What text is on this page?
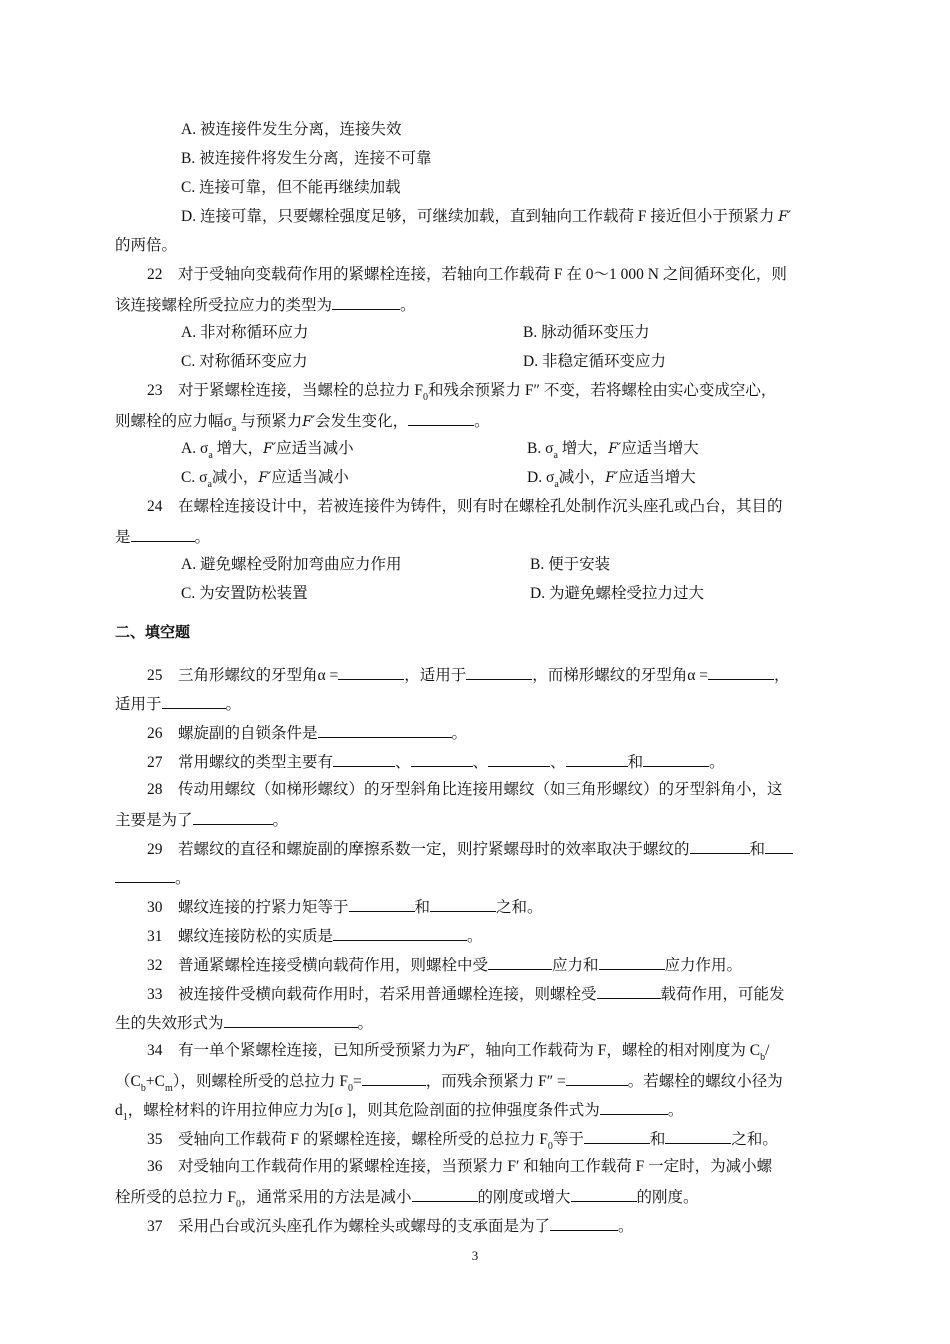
A. 被连接件发生分离，连接失效
B. 被连接件将发生分离，连接不可靠
C. 连接可靠，但不能再继续加载
D. 连接可靠，只要螺栓强度足够，可继续加载，直到轴向工作载荷 F 接近但小于预紧力 F′
的两倍。
22　对于受轴向变载荷作用的紧螺栓连接，若轴向工作载荷 F 在 0～1 000 N 之间循环变化，则
该连接螺栓所受拉应力的类型为	。
A. 非对称循环应力	B. 脉动循环变压力
C. 对称循环变应力	D. 非稳定循环变应力
23　对于紧螺栓连接，当螺栓的总拉力 $F_0$和残余预紧力 F″ 不变，若将螺栓由实心变成空心，
则螺栓的应力幅$\sigma_a$ 与预紧力F′会发生变化，	。
A. $\sigma_a$ 增大，F′应适当减小	B. $\sigma_a$ 增大，F′应适当增大
C. $\sigma_a$减小，F′应适当减小	D. $\sigma_a$减小，F′应适当增大
24　在螺栓连接设计中，若被连接件为铸件，则有时在螺栓孔处制作沉头座孔或凸台，其目的
是	。
A. 避免螺栓受附加弯曲应力作用	B. 便于安装
C. 为安置防松装置	D. 为避免螺栓受拉力过大
二、填空题
25　三角形螺纹的牙型角α =	，适用于	，而梯形螺纹的牙型角α =	，
适用于	。
26　螺旋副的自锁条件是	。
27　常用螺纹的类型主要有	、	、	、	和	。
28　传动用螺纹（如梯形螺纹）的牙型斜角比连接用螺纹（如三角形螺纹）的牙型斜角小，这
主要是为了	。
29　若螺纹的直径和螺旋副的摩擦系数一定，则拧紧螺母时的效率取决于螺纹的	和
。
30　螺纹连接的拧紧力矩等于	和	之和。
31　螺纹连接防松的实质是	。
32　普通紧螺栓连接受横向载荷作用，则螺栓中受	应力和	应力作用。
33　被连接件受横向载荷作用时，若采用普通螺栓连接，则螺栓受	载荷作用，可能发
生的失效形式为	。
34　有一单个紧螺栓连接，已知所受预紧力为F′，轴向工作载荷为 F，螺栓的相对刚度为 $C_b/$
$(C_b+C_m)$，则螺栓所受的总拉力 $F_0=$	，而残余预紧力 F″ =	。若螺栓的螺纹小径为
$d_1$，螺栓材料的许用拉伸应力为[σ ]，则其危险剖面的拉伸强度条件式为	。
35　受轴向工作载荷 F 的紧螺栓连接，螺栓所受的总拉力 $F_0$等于	和	之和。
36　对受轴向工作载荷作用的紧螺栓连接，当预紧力 F′ 和轴向工作载荷 F 一定时，为减小螺
栓所受的总拉力 $F_0$，通常采用的方法是减小	的刚度或增大	的刚度。
37　采用凸台或沉头座孔作为螺栓头或螺母的支承面是为了	。
3
